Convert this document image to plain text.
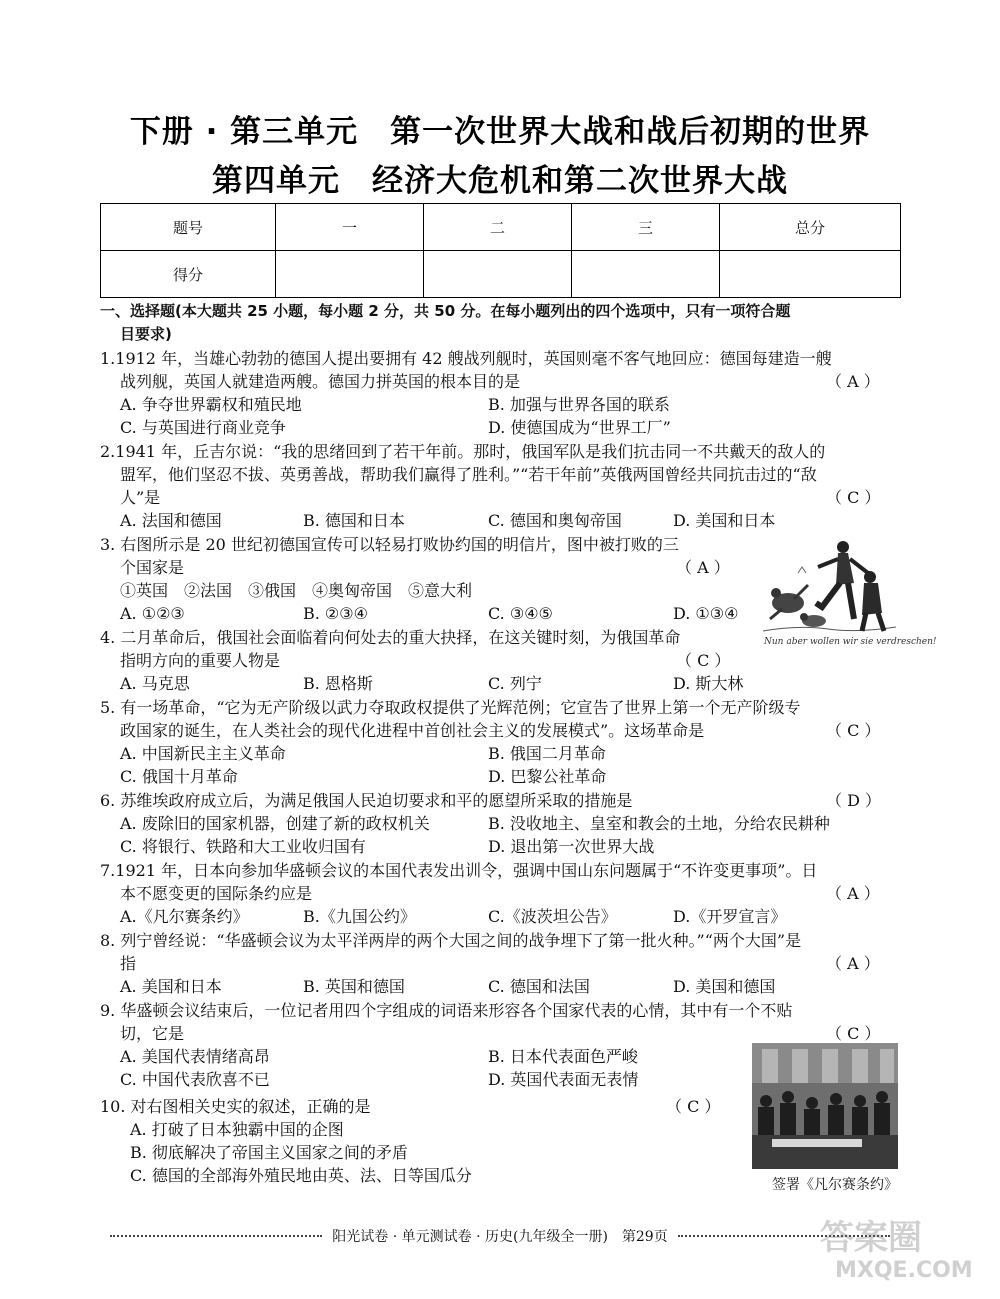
下册 · 第三单元　第一次世界大战和战后初期的世界
第四单元　经济大危机和第二次世界大战
题号	一	二	三	总分
得分				
一、选择题(本大题共 25 小题，每小题 2 分，共 50 分。在每小题列出的四个选项中，只有一项符合题
目要求)
1.1912 年，当雄心勃勃的德国人提出要拥有 42 艘战列舰时，英国则毫不客气地回应：德国每建造一艘
战列舰，英国人就建造两艘。德国力拼英国的根本目的是	（ A ）
A. 争夺世界霸权和殖民地	B. 加强与世界各国的联系
C. 与英国进行商业竞争	D. 使德国成为“世界工厂”
2.1941 年，丘吉尔说：“我的思绪回到了若干年前。那时，俄国军队是我们抗击同一不共戴天的敌人的
盟军，他们坚忍不拔、英勇善战，帮助我们赢得了胜利。”“若干年前”英俄两国曾经共同抗击过的“敌
人”是	（ C ）
A. 法国和德国	B. 德国和日本	C. 德国和奥匈帝国	D. 美国和日本
3. 右图所示是 20 世纪初德国宣传可以轻易打败协约国的明信片，图中被打败的三
个国家是	（ A ）
①英国　②法国　③俄国　④奥匈帝国　⑤意大利
A. ①②③	B. ②③④	C. ③④⑤	D. ①③④
Nun aber wollen wir sie verdreschen!
4. 二月革命后，俄国社会面临着向何处去的重大抉择，在这关键时刻，为俄国革命
指明方向的重要人物是	（ C ）
A. 马克思	B. 恩格斯	C. 列宁	D. 斯大林
5. 有一场革命，“它为无产阶级以武力夺取政权提供了光辉范例；它宣告了世界上第一个无产阶级专
政国家的诞生，在人类社会的现代化进程中首创社会主义的发展模式”。这场革命是	（ C ）
A. 中国新民主主义革命	B. 俄国二月革命
C. 俄国十月革命	D. 巴黎公社革命
6. 苏维埃政府成立后，为满足俄国人民迫切要求和平的愿望所采取的措施是	（ D ）
A. 废除旧的国家机器，创建了新的政权机关	B. 没收地主、皇室和教会的土地，分给农民耕种
C. 将银行、铁路和大工业收归国有	D. 退出第一次世界大战
7.1921 年，日本向参加华盛顿会议的本国代表发出训令，强调中国山东问题属于“不许变更事项”。日
本不愿变更的国际条约应是	（ A ）
A.《凡尔赛条约》	B.《九国公约》	C.《波茨坦公告》	D.《开罗宣言》
8. 列宁曾经说：“华盛顿会议为太平洋两岸的两个大国之间的战争埋下了第一批火种。”“两个大国”是
指	（ A ）
A. 美国和日本	B. 英国和德国	C. 德国和法国	D. 美国和德国
9. 华盛顿会议结束后，一位记者用四个字组成的词语来形容各个国家代表的心情，其中有一个不贴
切，它是	（ C ）
A. 美国代表情绪高昂	B. 日本代表面色严峻
C. 中国代表欣喜不已	D. 英国代表面无表情
10. 对右图相关史实的叙述，正确的是	（ C ）
A. 打破了日本独霸中国的企图
B. 彻底解决了帝国主义国家之间的矛盾
C. 德国的全部海外殖民地由英、法、日等国瓜分	签署《凡尔赛条约》
阳光试卷 · 单元测试卷 · 历史(九年级全一册)　第29页	答案圈
MXQE.COM
